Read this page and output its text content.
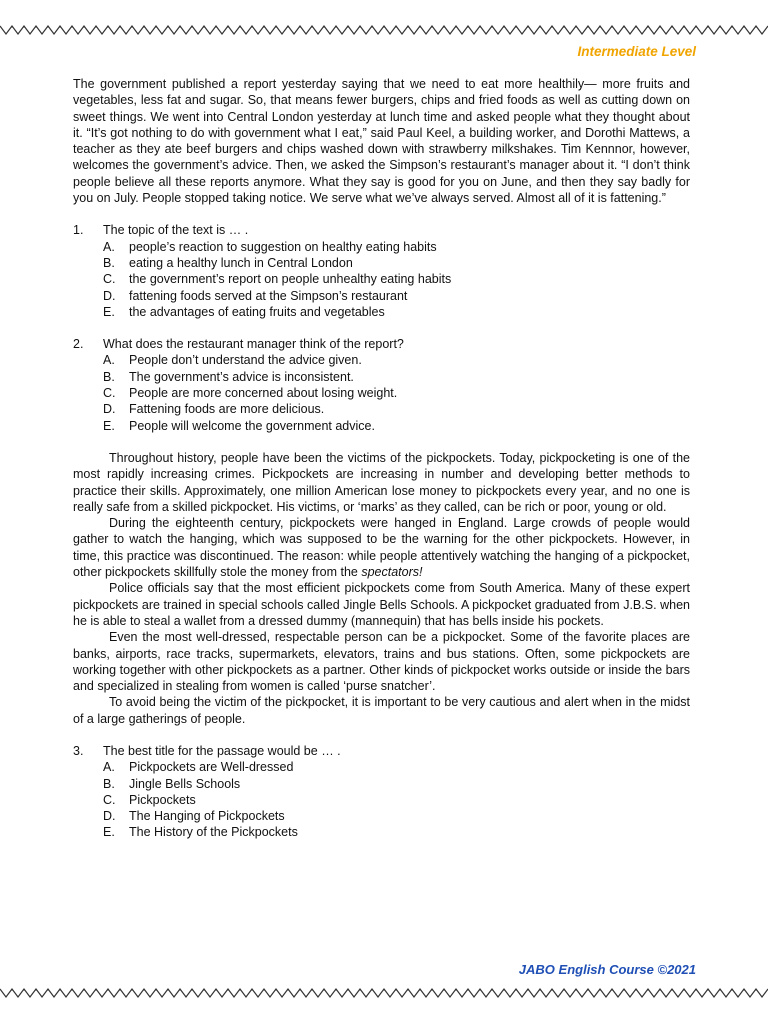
Intermediate Level

The government published a report yesterday saying that we need to eat more healthily— more fruits and vegetables, less fat and sugar. So, that means fewer burgers, chips and fried foods as well as cutting down on sweet things. We went into Central London yesterday at lunch time and asked people what they thought about it. “It’s got nothing to do with government what I eat,” said Paul Keel, a building worker, and Dorothi Mattews, a teacher as they ate beef burgers and chips washed down with strawberry milkshakes. Tim Kennnor, however, welcomes the government’s advice. Then, we asked the Simpson’s restaurant’s manager about it. “I don’t think people believe all these reports anymore. What they say is good for you on June, and then they say badly for you on July. People stopped taking notice. We serve what we’ve always served. Almost all of it is fattening.”

1.	The topic of the text is … .
A.	people’s reaction to suggestion on healthy eating habits
B.	eating a healthy lunch in Central London
C.	the government’s report on people unhealthy eating habits
D.	fattening foods served at the Simpson’s restaurant
E.	the advantages of eating fruits and vegetables
2.	What does the restaurant manager think of the report?
A.	People don’t understand the advice given.
B.	The government’s advice is inconsistent.
C.	People are more concerned about losing weight.
D.	Fattening foods are more delicious.
E.	People will welcome the government advice.

Throughout history, people have been the victims of the pickpockets. Today, pickpocketing is one of the most rapidly increasing crimes. Pickpockets are increasing in number and developing better methods to practice their skills. Approximately, one million American lose money to pickpockets every year, and no one is really safe from a skilled pickpocket. His victims, or ‘marks’ as they called, can be rich or poor, young or old.

During the eighteenth century, pickpockets were hanged in England. Large crowds of people would gather to watch the hanging, which was supposed to be the warning for the other pickpockets. However, in time, this practice was discontinued. The reason: while people attentively watching the hanging of a pickpocket, other pickpockets skillfully stole the money from the spectators!

Police officials say that the most efficient pickpockets come from South America. Many of these expert pickpockets are trained in special schools called Jingle Bells Schools. A pickpocket graduated from J.B.S. when he is able to steal a wallet from a dressed dummy (mannequin) that has bells inside his pockets.

Even the most well-dressed, respectable person can be a pickpocket. Some of the favorite places are banks, airports, race tracks, supermarkets, elevators, trains and bus stations. Often, some pickpockets are working together with other pickpockets as a partner. Other kinds of pickpocket works outside or inside the bars and specialized in stealing from women is called ‘purse snatcher’.

To avoid being the victim of the pickpocket, it is important to be very cautious and alert when in the midst of a large gatherings of people.

3.	The best title for the passage would be … .
A.	Pickpockets are Well-dressed
B.	Jingle Bells Schools
C.	Pickpockets
D.	The Hanging of Pickpockets
E.	The History of the Pickpockets
JABO English Course ©2021
